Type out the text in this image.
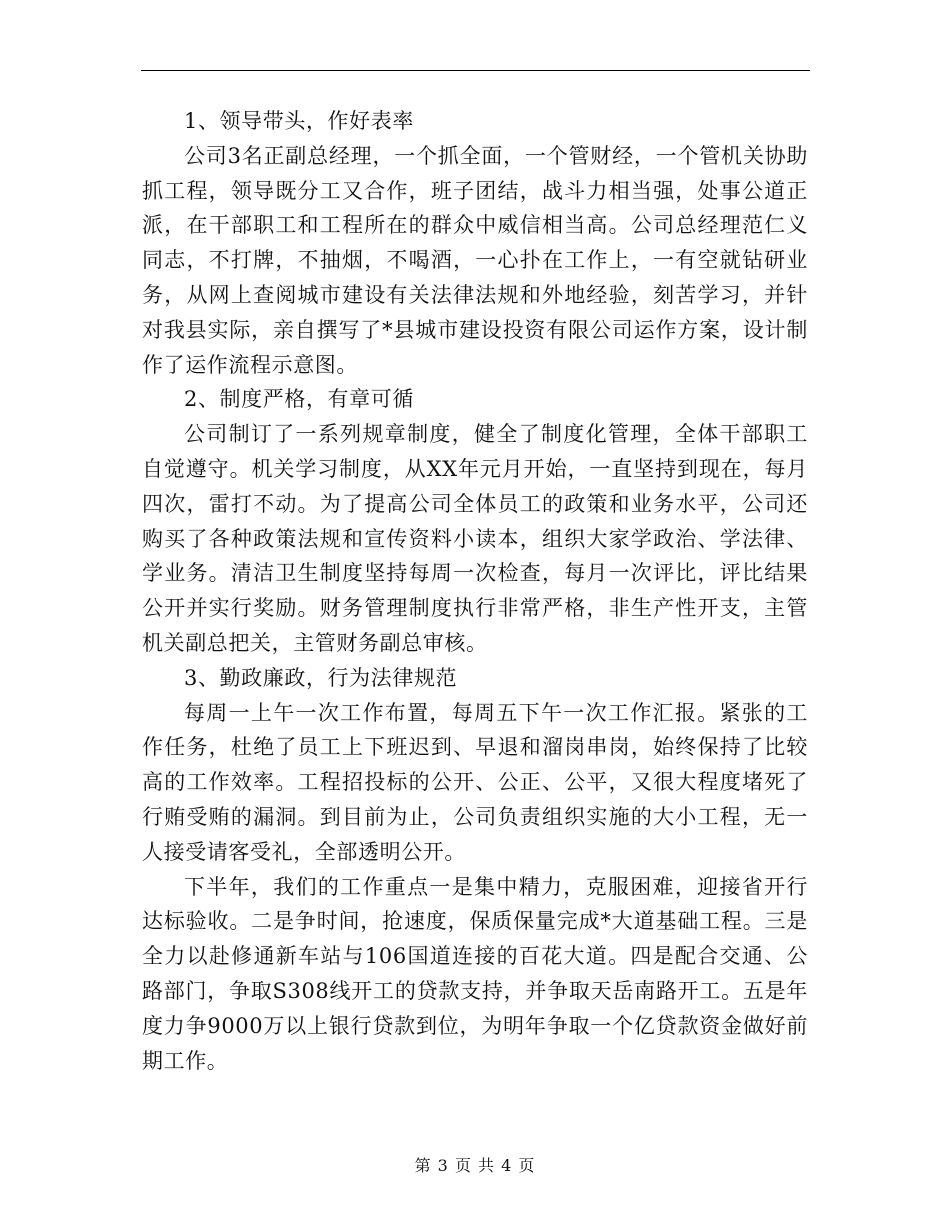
1、领导带头，作好表率

公司3名正副总经理，一个抓全面，一个管财经，一个管机关协助抓工程，领导既分工又合作，班子团结，战斗力相当强，处事公道正派，在干部职工和工程所在的群众中威信相当高。公司总经理范仁义同志，不打牌，不抽烟，不喝酒，一心扑在工作上，一有空就钻研业务，从网上查阅城市建设有关法律法规和外地经验，刻苦学习，并针对我县实际，亲自撰写了*县城市建设投资有限公司运作方案，设计制作了运作流程示意图。

2、制度严格，有章可循

公司制订了一系列规章制度，健全了制度化管理，全体干部职工自觉遵守。机关学习制度，从XX年元月开始，一直坚持到现在，每月四次，雷打不动。为了提高公司全体员工的政策和业务水平，公司还购买了各种政策法规和宣传资料小读本，组织大家学政治、学法律、学业务。清洁卫生制度坚持每周一次检查，每月一次评比，评比结果公开并实行奖励。财务管理制度执行非常严格，非生产性开支，主管机关副总把关，主管财务副总审核。

3、勤政廉政，行为法律规范

每周一上午一次工作布置，每周五下午一次工作汇报。紧张的工作任务，杜绝了员工上下班迟到、早退和溜岗串岗，始终保持了比较高的工作效率。工程招投标的公开、公正、公平，又很大程度堵死了行贿受贿的漏洞。到目前为止，公司负责组织实施的大小工程，无一人接受请客受礼，全部透明公开。

下半年，我们的工作重点一是集中精力，克服困难，迎接省开行达标验收。二是争时间，抢速度，保质保量完成*大道基础工程。三是全力以赴修通新车站与106国道连接的百花大道。四是配合交通、公路部门，争取S308线开工的贷款支持，并争取天岳南路开工。五是年度力争9000万以上银行贷款到位，为明年争取一个亿贷款资金做好前期工作。

第 3 页 共 4 页
